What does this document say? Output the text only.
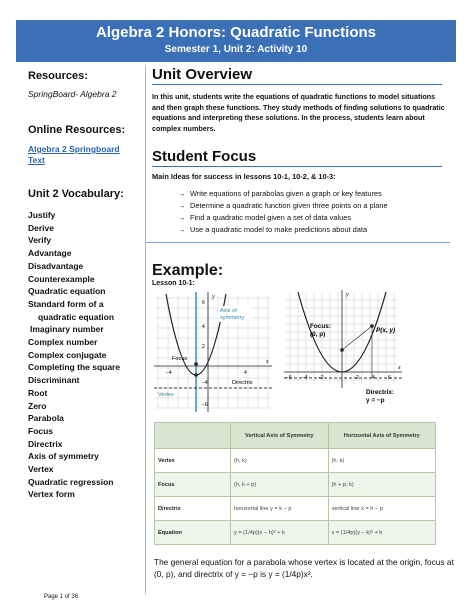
Algebra 2 Honors: Quadratic Functions
Semester 1, Unit 2: Activity 10
Resources:
SpringBoard- Algebra 2
Online Resources:
Algebra 2 Springboard Text
Unit 2 Vocabulary:
Justify
Derive
Verify
Advantage
Disadvantage
Counterexample
Quadratic equation
Standard form of a
quadratic equation
Imaginary number
Complex number
Complex conjugate
Completing the square
Discriminant
Root
Zero
Parabola
Focus
Directrix
Axis of symmetry
Vertex
Quadratic regression
Vertex form
Unit Overview
In this unit, students write the equations of quadratic functions to model situations and then graph these functions. They study methods of finding solutions to quadratic equations and interpreting these solutions. In the process, students learn about complex numbers.
Student Focus
Main Ideas for success in lessons 10-1, 10-2, & 10-3:
→ Write equations of parabolas given a graph or key features
→ Determine a quadratic function given three points on a plane
→ Find a quadratic model given a set of data values
→ Use a quadratic model to make predictions about data
Example:
Lesson 10-1:
y
x
6
4
2
−4	4
−4
−6
Axis of
symmetry
Focus
Directrix
Vertex
y
x
−6 −4 −2	2	4	6
Focus:
(0, p)
P(x, y)
Directrix:
y = −p
	Vertical Axis of Symmetry	Horizontal Axis of Symmetry
Vertex	(h, k)	(h, k)
Focus	(h, k + p)	(h + p, k)
Directrix	horizontal line y = k − p	vertical line x = h − p
Equation	y = (1/4p)(x − h)² + k	x = (1/4p)(y − k)² + h
The general equation for a parabola whose vertex is located at the origin, focus at (0, p), and directrix of y = −p is y = (1/4p)x².
Page 1 of 36
